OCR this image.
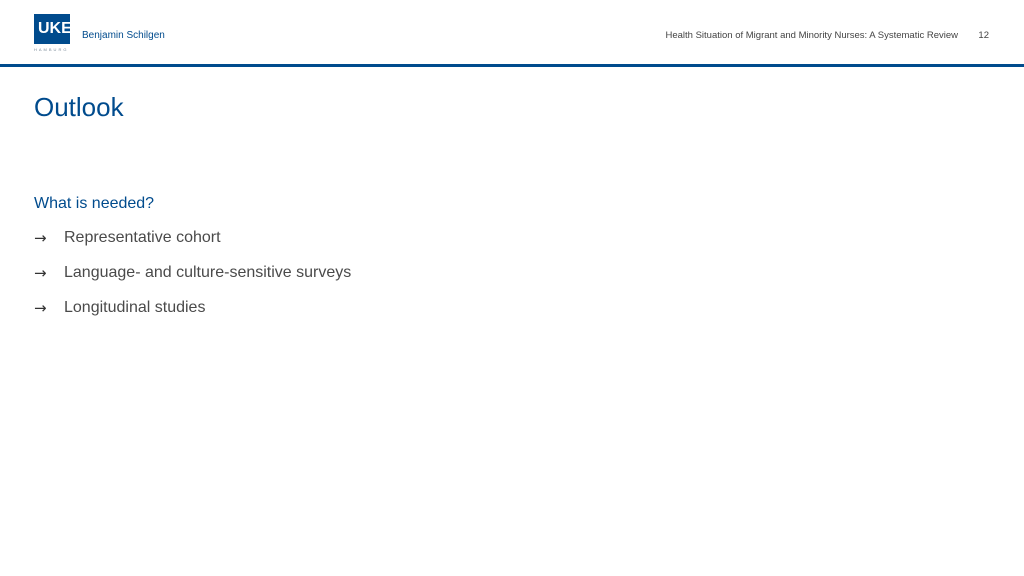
UKE
HAMBURG
Benjamin Schilgen	Health Situation of Migrant and Minority Nurses: A Systematic Review 12
Outlook
What is needed?
→	Representative cohort
→	Language- and culture-sensitive surveys
→	Longitudinal studies
